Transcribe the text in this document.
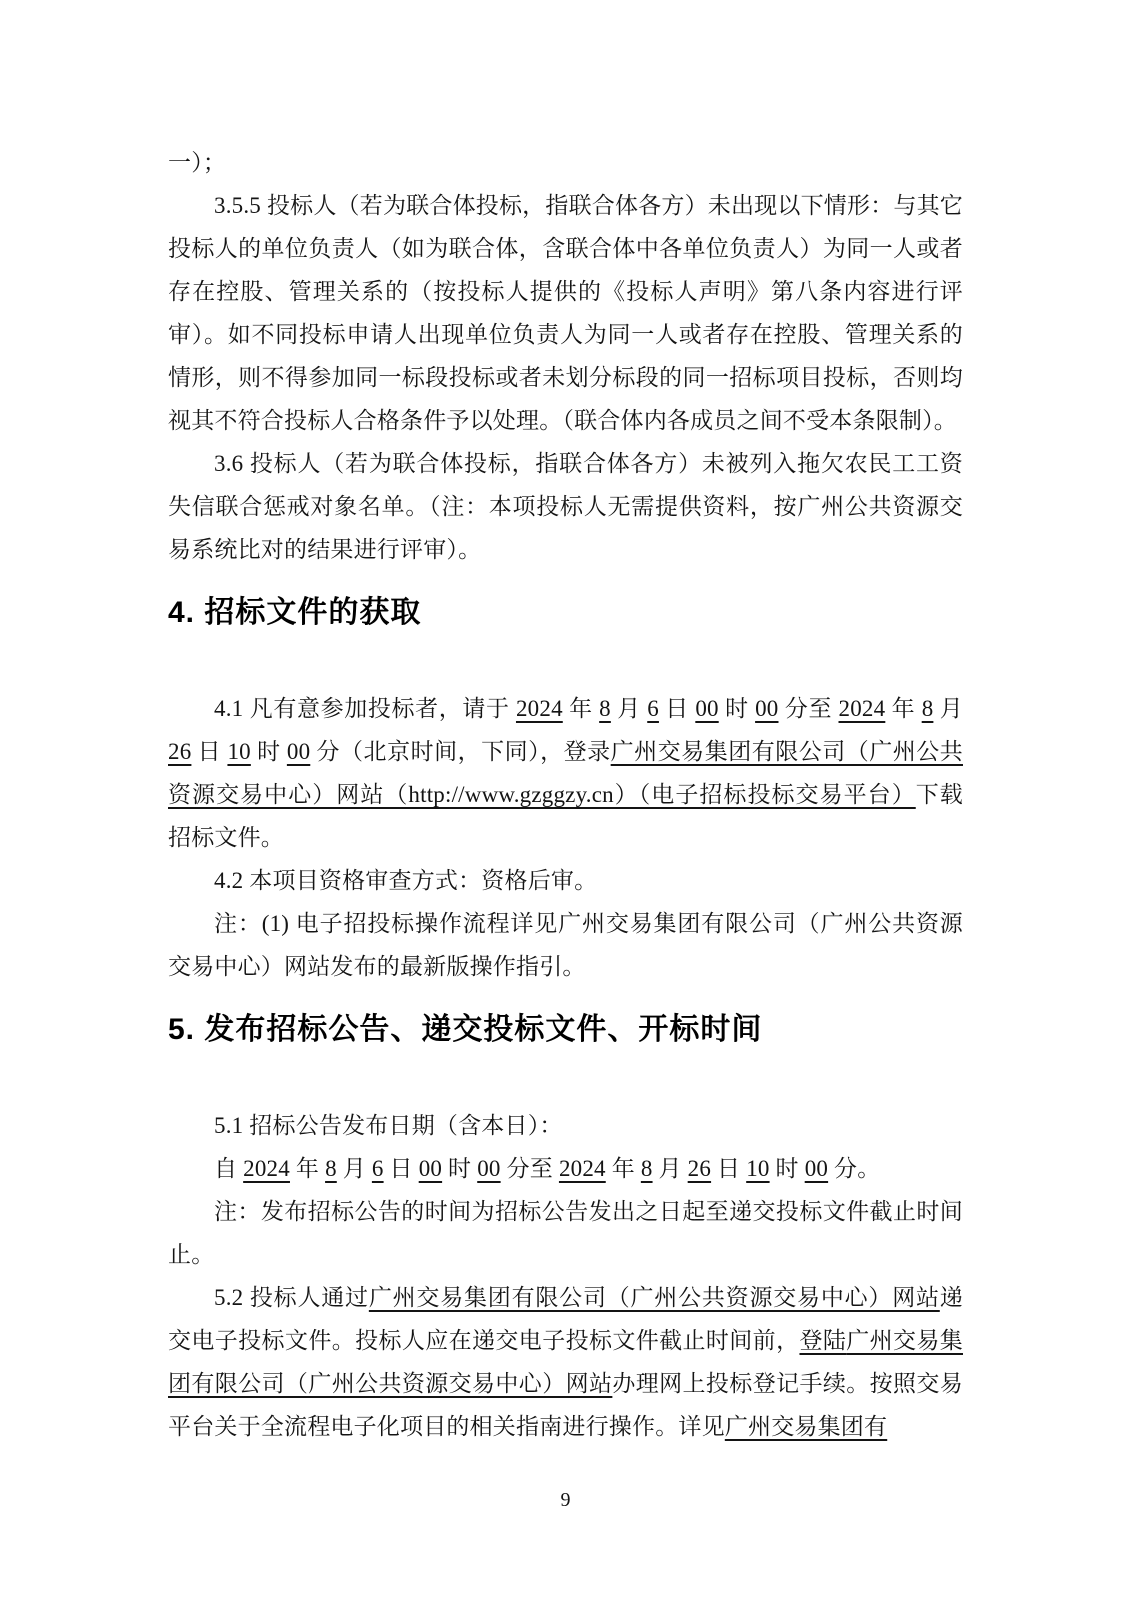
一）；

3.5.5 投标人（若为联合体投标，指联合体各方）未出现以下情形：与其它投标人的单位负责人（如为联合体，含联合体中各单位负责人）为同一人或者存在控股、管理关系的（按投标人提供的《投标人声明》第八条内容进行评审）。如不同投标申请人出现单位负责人为同一人或者存在控股、管理关系的情形，则不得参加同一标段投标或者未划分标段的同一招标项目投标，否则均视其不符合投标人合格条件予以处理。（联合体内各成员之间不受本条限制）。

3.6 投标人（若为联合体投标，指联合体各方）未被列入拖欠农民工工资失信联合惩戒对象名单。（注：本项投标人无需提供资料，按广州公共资源交易系统比对的结果进行评审）。

4. 招标文件的获取

4.1 凡有意参加投标者，请于 2024 年 8 月 6 日 00 时 00 分至 2024 年 8 月 26 日 10 时 00 分（北京时间，下同），登录广州交易集团有限公司（广州公共资源交易中心）网站（http://www.gzggzy.cn）（电子招标投标交易平台）下载招标文件。

4.2 本项目资格审查方式：资格后审。

注：(1) 电子招投标操作流程详见广州交易集团有限公司（广州公共资源交易中心）网站发布的最新版操作指引。

5. 发布招标公告、递交投标文件、开标时间

5.1 招标公告发布日期（含本日）：

自 2024 年 8 月 6 日 00 时 00 分至 2024 年 8 月 26 日 10 时 00 分。

注：发布招标公告的时间为招标公告发出之日起至递交投标文件截止时间止。

5.2 投标人通过广州交易集团有限公司（广州公共资源交易中心）网站递交电子投标文件。投标人应在递交电子投标文件截止时间前，登陆广州交易集团有限公司（广州公共资源交易中心）网站办理网上投标登记手续。按照交易平台关于全流程电子化项目的相关指南进行操作。详见广州交易集团有

9
